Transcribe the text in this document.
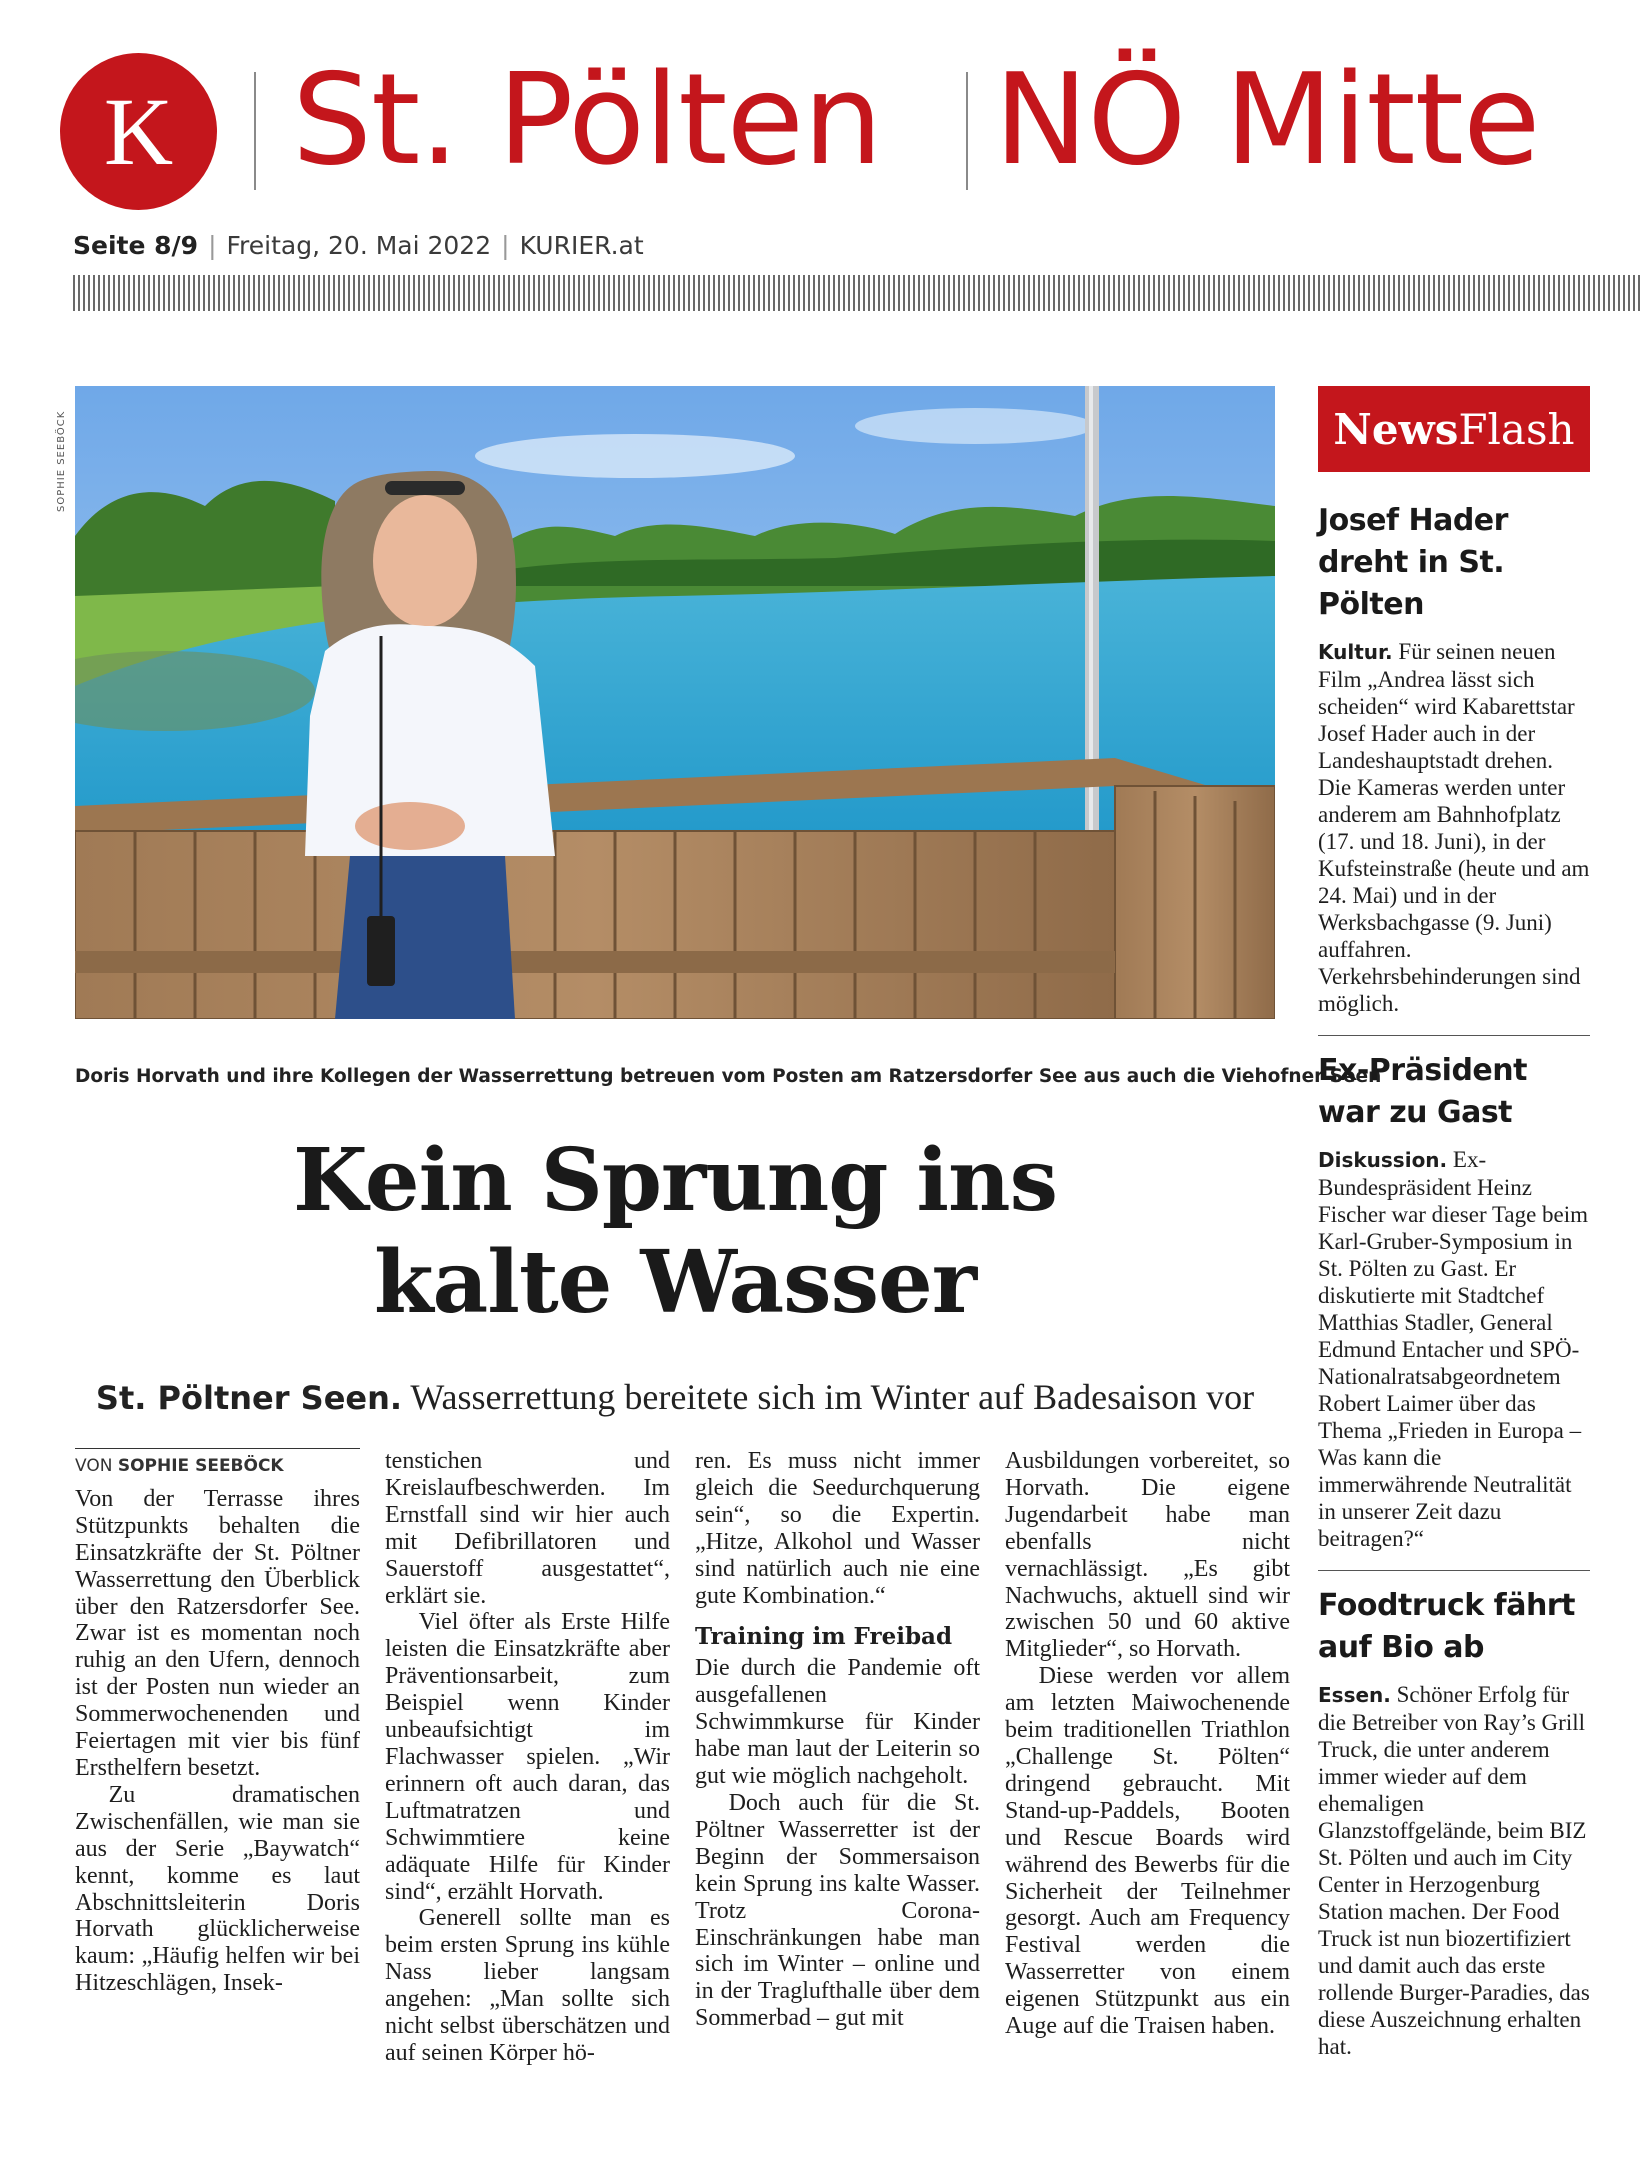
K St. Pölten NÖ Mitte
Seite 8/9 | Freitag, 20. Mai 2022 | KURIER.at
SOPHIE SEEBÖCK
Doris Horvath und ihre Kollegen der Wasserrettung betreuen vom Posten am Ratzersdorfer See aus auch die Viehofner Seen
Kein Sprung ins
kalte Wasser
St. Pöltner Seen. Wasserrettung bereitete sich im Winter auf Badesaison vor
VON SOPHIE SEEBÖCK

Von der Terrasse ihres Stützpunkts behalten die Einsatzkräfte der St. Pöltner Wasserrettung den Überblick über den Ratzersdorfer See. Zwar ist es momentan noch ruhig an den Ufern, dennoch ist der Posten nun wieder an Sommerwochenenden und Feiertagen mit vier bis fünf Ersthelfern besetzt.

Zu dramatischen Zwischenfällen, wie man sie aus der Serie „Baywatch“ kennt, komme es laut Abschnittsleiterin Doris Horvath glücklicherweise kaum: „Häufig helfen wir bei Hitzeschlägen, Insek-

tenstichen und Kreislaufbeschwerden. Im Ernstfall sind wir hier auch mit Defibrillatoren und Sauerstoff ausgestattet“, erklärt sie.

Viel öfter als Erste Hilfe leisten die Einsatzkräfte aber Präventionsarbeit, zum Beispiel wenn Kinder unbeaufsichtigt im Flachwasser spielen. „Wir erinnern oft auch daran, das Luftmatratzen und Schwimmtiere keine adäquate Hilfe für Kinder sind“, erzählt Horvath.

Generell sollte man es beim ersten Sprung ins kühle Nass lieber langsam angehen: „Man sollte sich nicht selbst überschätzen und auf seinen Körper hö-

ren. Es muss nicht immer gleich die Seedurchquerung sein“, so die Expertin. „Hitze, Alkohol und Wasser sind natürlich auch nie eine gute Kombination.“

Training im Freibad

Die durch die Pandemie oft ausgefallenen Schwimmkurse für Kinder habe man laut der Leiterin so gut wie möglich nachgeholt.

Doch auch für die St. Pöltner Wasserretter ist der Beginn der Sommersaison kein Sprung ins kalte Wasser. Trotz Corona-Einschränkungen habe man sich im Winter – online und in der Traglufthalle über dem Sommerbad – gut mit

Ausbildungen vorbereitet, so Horvath. Die eigene Jugendarbeit habe man ebenfalls nicht vernachlässigt. „Es gibt Nachwuchs, aktuell sind wir zwischen 50 und 60 aktive Mitglieder“, so Horvath.

Diese werden vor allem am letzten Maiwochenende beim traditionellen Triathlon „Challenge St. Pölten“ dringend gebraucht. Mit Stand-up-Paddels, Booten und Rescue Boards wird während des Bewerbs für die Sicherheit der Teilnehmer gesorgt. Auch am Frequency Festival werden die Wasserretter von einem eigenen Stützpunkt aus ein Auge auf die Traisen haben.

News Flash
Josef Hader dreht in St. Pölten

Kultur. Für seinen neuen Film „Andrea lässt sich scheiden“ wird Kabarettstar Josef Hader auch in der Landeshauptstadt drehen. Die Kameras werden unter anderem am Bahnhofplatz (17. und 18. Juni), in der Kufsteinstraße (heute und am 24. Mai) und in der Werksbachgasse (9. Juni) auffahren. Verkehrsbehinderungen sind möglich.

Ex-Präsident war zu Gast

Diskussion. Ex-Bundespräsident Heinz Fischer war dieser Tage beim Karl-Gruber-Symposium in St. Pölten zu Gast. Er diskutierte mit Stadtchef Matthias Stadler, General Edmund Entacher und SPÖ-Nationalratsabgeordnetem Robert Laimer über das Thema „Frieden in Europa – Was kann die immerwährende Neutralität in unserer Zeit dazu beitragen?“

Foodtruck fährt auf Bio ab

Essen. Schöner Erfolg für die Betreiber von Ray’s Grill Truck, die unter anderem immer wieder auf dem ehemaligen Glanzstoffgelände, beim BIZ St. Pölten und auch im City Center in Herzogenburg Station machen. Der Food Truck ist nun biozertifiziert und damit auch das erste rollende Burger-Paradies, das diese Auszeichnung erhalten hat.
